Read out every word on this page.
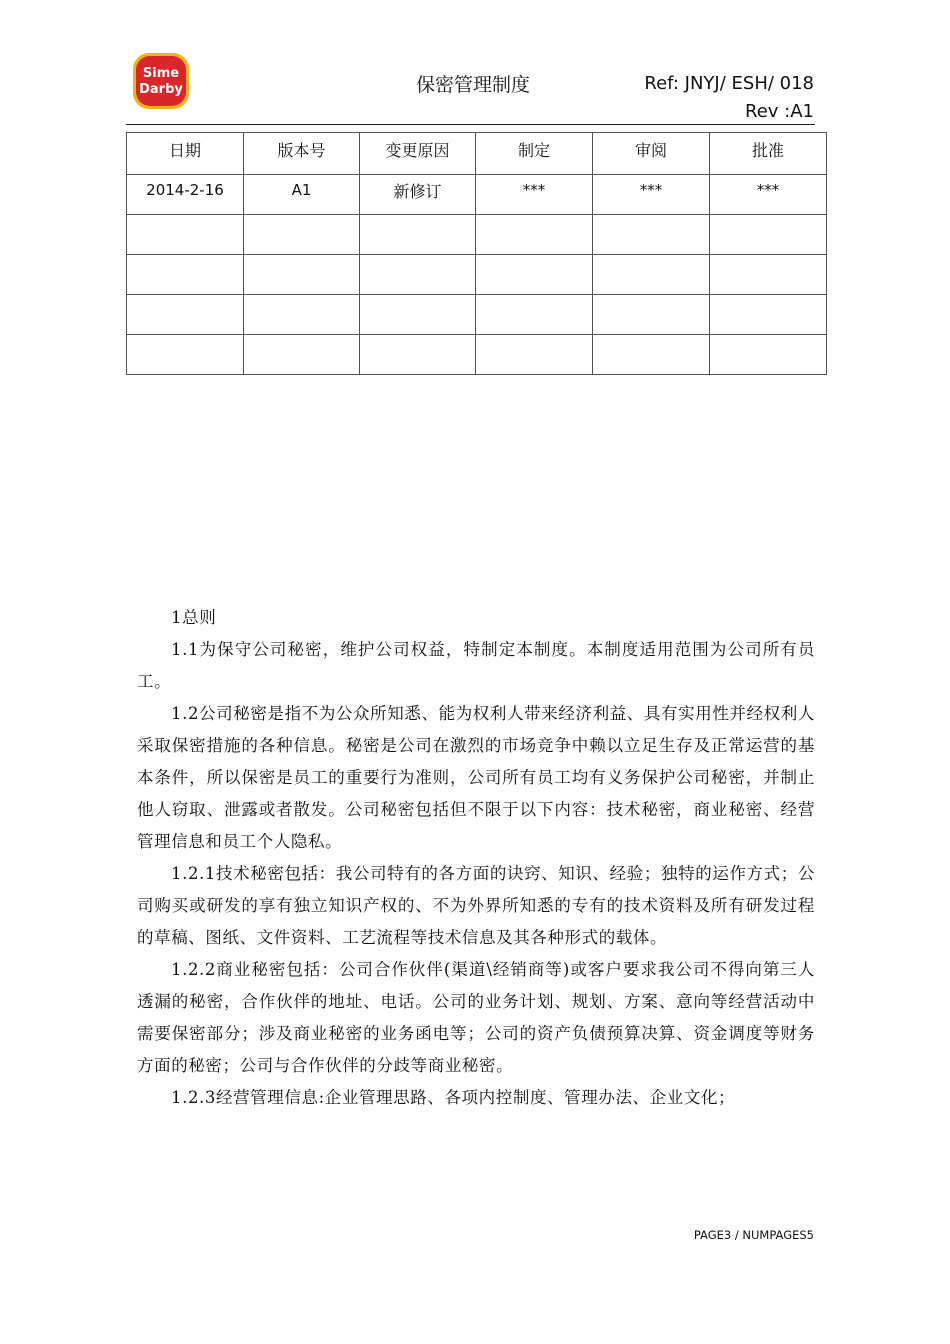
Sime
Darby	保密管理制度	Ref: JNYJ/ ESH/ 018
Rev :A1
日期	版本号	变更原因	制定	审阅	批准
2014-2-16	A1	新修订	***	***	***

1总则

1.1为保守公司秘密，维护公司权益，特制定本制度。本制度适用范围为公司所有员工。

1.2公司秘密是指不为公众所知悉、能为权利人带来经济利益、具有实用性并经权利人采取保密措施的各种信息。秘密是公司在激烈的市场竞争中赖以立足生存及正常运营的基本条件，所以保密是员工的重要行为准则，公司所有员工均有义务保护公司秘密，并制止他人窃取、泄露或者散发。公司秘密包括但不限于以下内容：技术秘密，商业秘密、经营管理信息和员工个人隐私。

1.2.1技术秘密包括：我公司特有的各方面的诀窍、知识、经验；独特的运作方式；公司购买或研发的享有独立知识产权的、不为外界所知悉的专有的技术资料及所有研发过程的草稿、图纸、文件资料、工艺流程等技术信息及其各种形式的载体。

1.2.2商业秘密包括：公司合作伙伴(渠道\经销商等)或客户要求我公司不得向第三人透漏的秘密，合作伙伴的地址、电话。公司的业务计划、规划、方案、意向等经营活动中需要保密部分；涉及商业秘密的业务函电等；公司的资产负债预算决算、资金调度等财务方面的秘密；公司与合作伙伴的分歧等商业秘密。

1.2.3经营管理信息:企业管理思路、各项内控制度、管理办法、企业文化；

PAGE3 / NUMPAGES5
